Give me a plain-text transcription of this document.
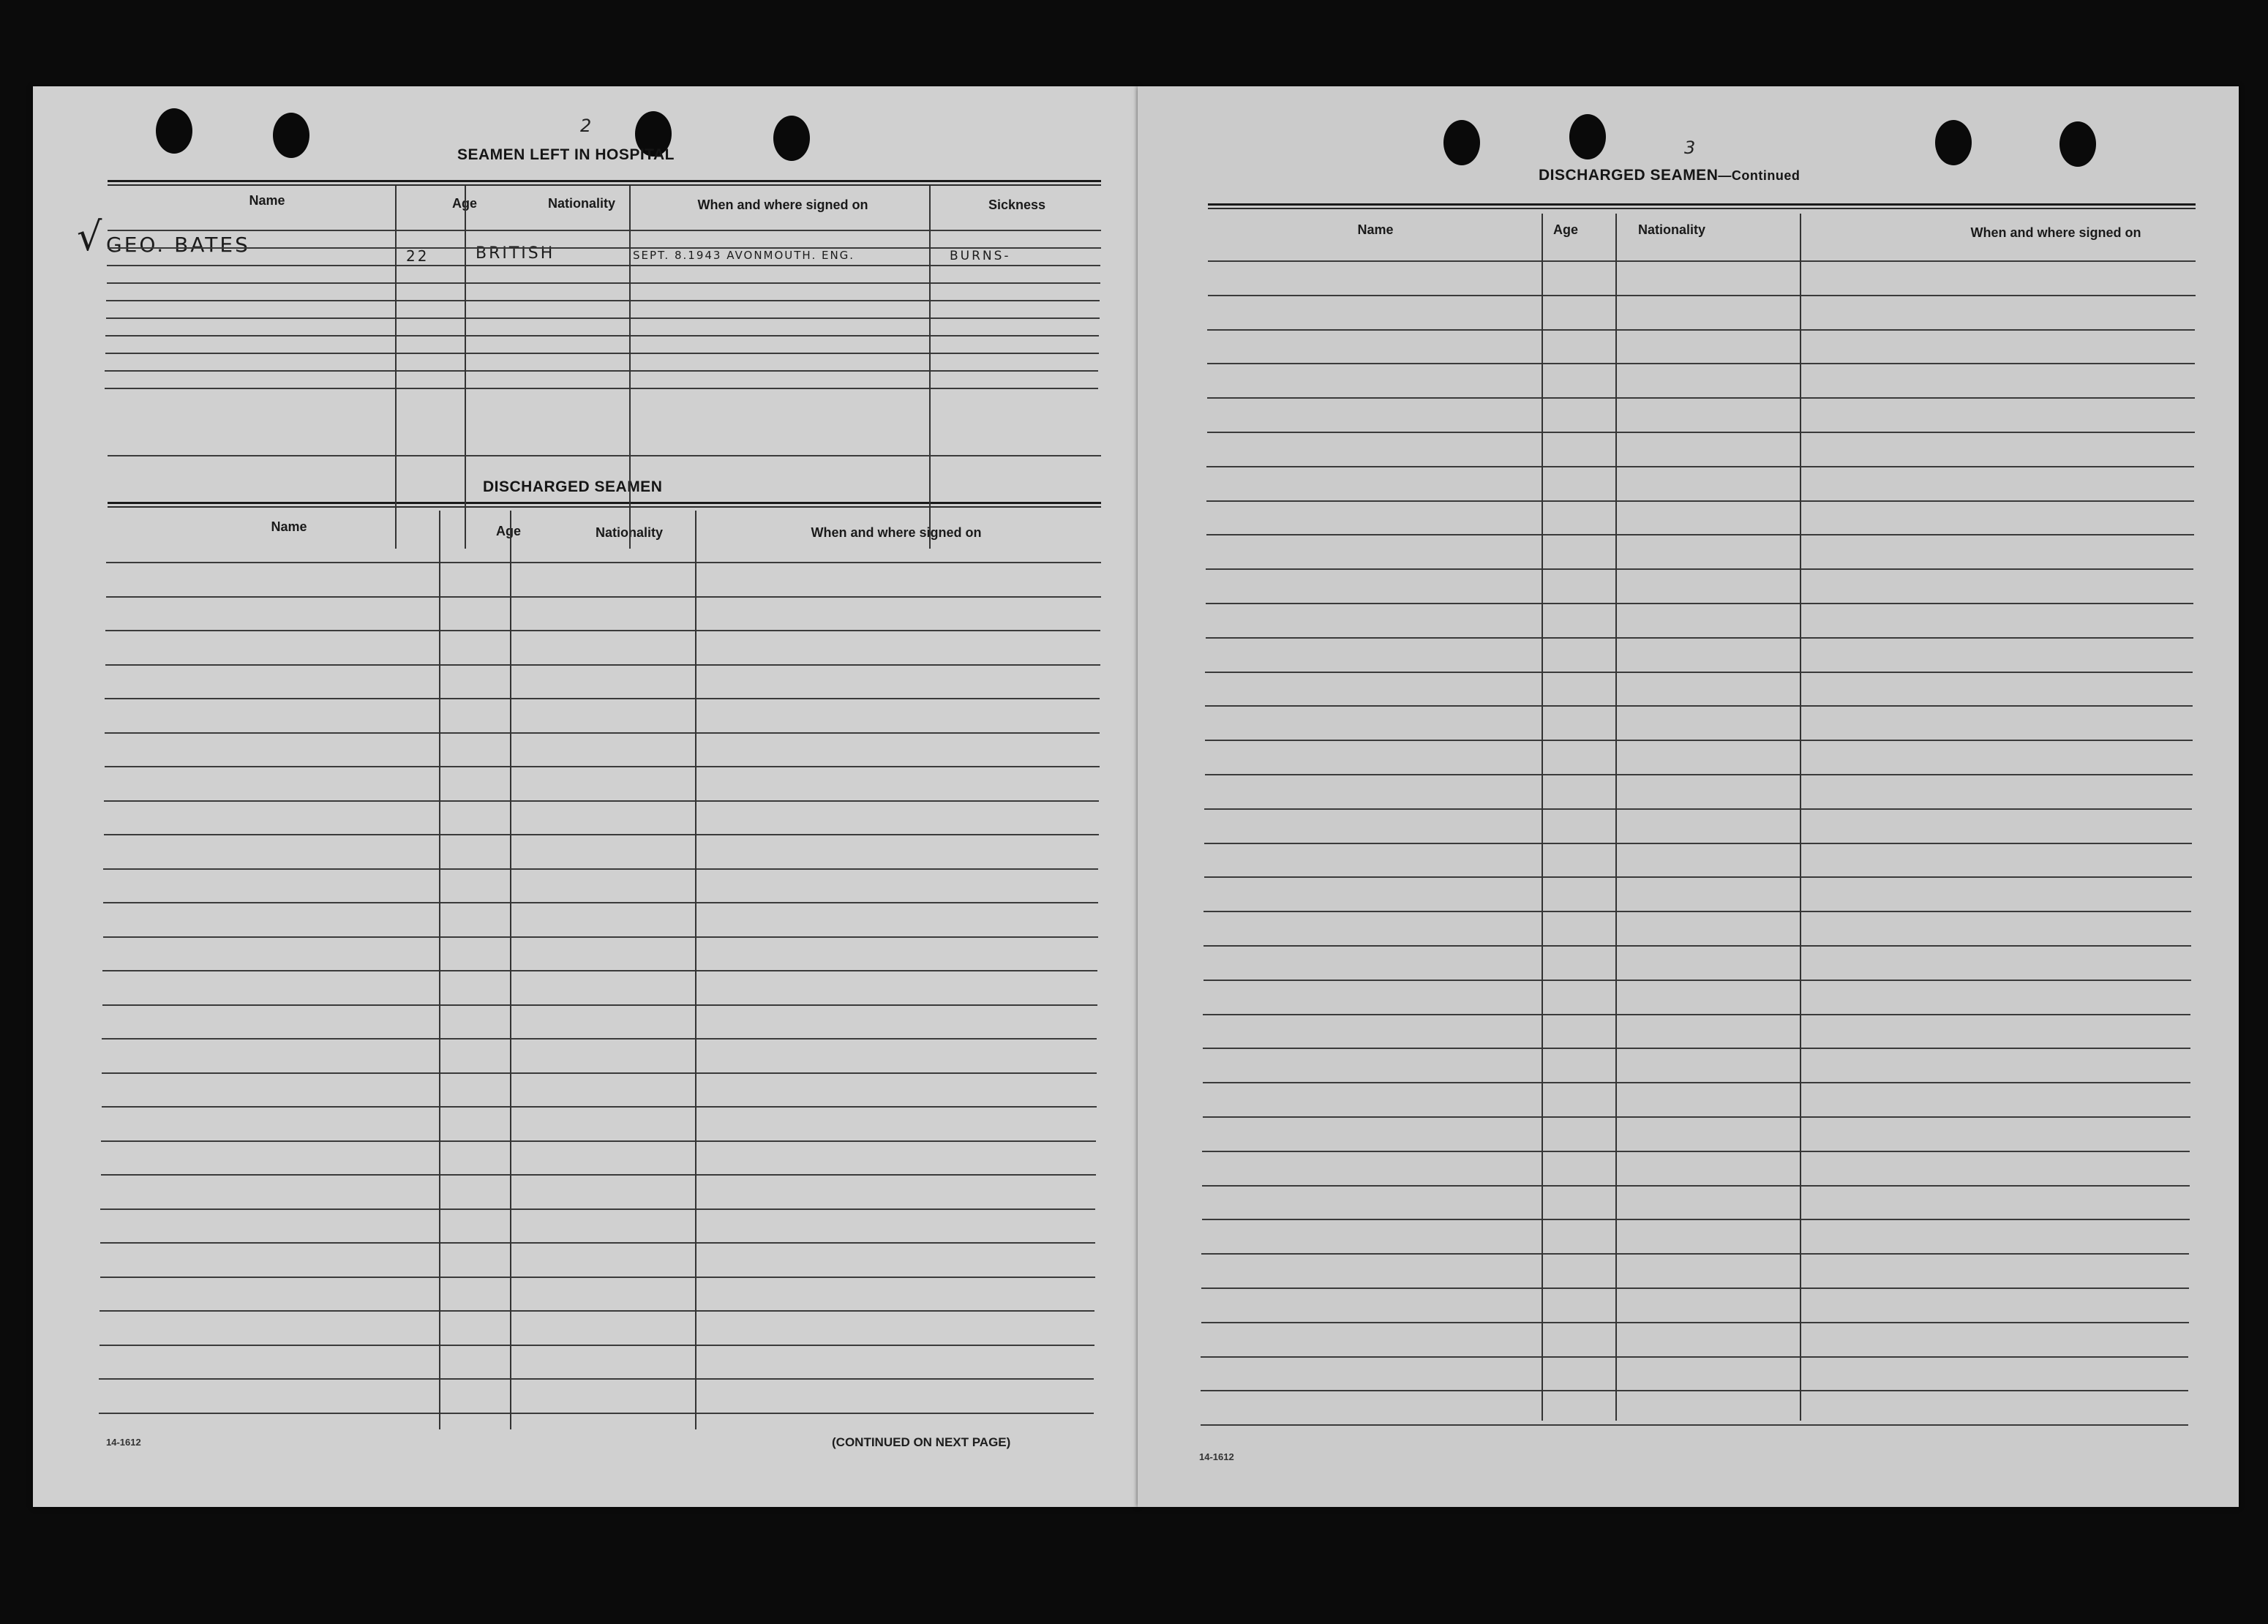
2
SEAMEN LEFT IN HOSPITAL
Name	Age	Nationality	When and where signed on	Sickness
√ GEO. BATES	22	BRITISH	SEPT. 8.1943 AVONMOUTH. ENG.	BURNS-
DISCHARGED SEAMEN
Name	Age	Nationality	When and where signed on
14-1612	(CONTINUED ON NEXT PAGE)
3
DISCHARGED SEAMEN—Continued
Name	Age	Nationality	When and where signed on
14-1612
